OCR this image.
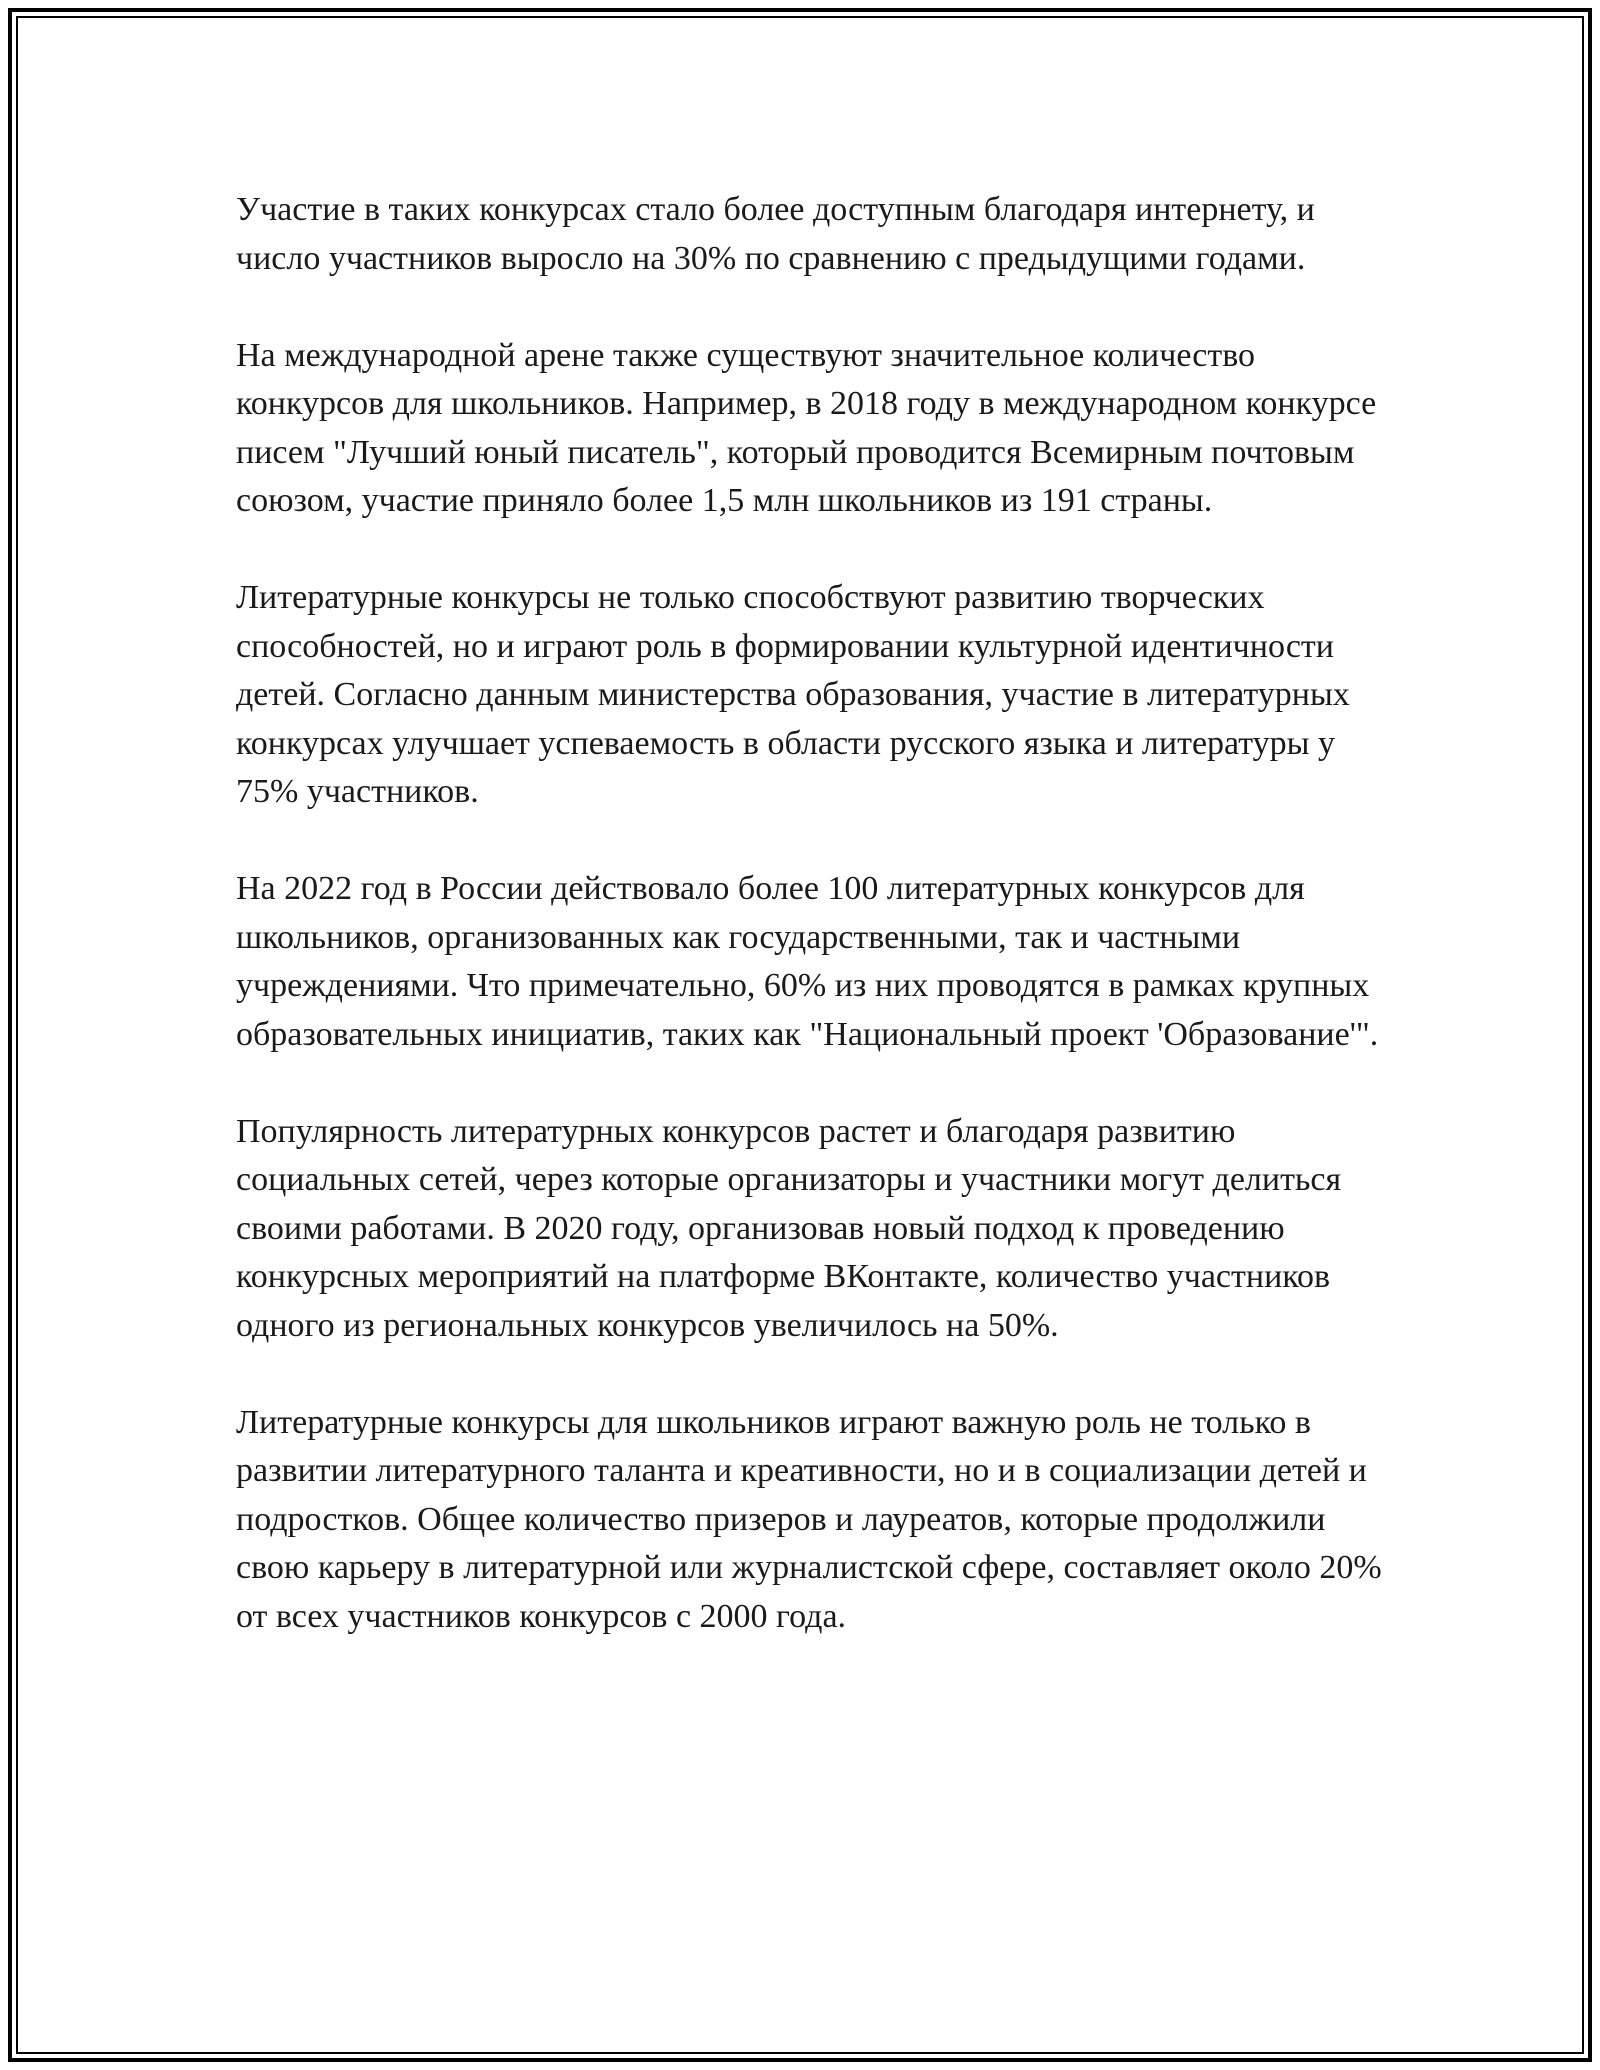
Участие в таких конкурсах стало более доступным благодаря интернету, и число участников выросло на 30% по сравнению с предыдущими годами.

На международной арене также существуют значительное количество конкурсов для школьников. Например, в 2018 году в международном конкурсе писем "Лучший юный писатель", который проводится Всемирным почтовым союзом, участие приняло более 1,5 млн школьников из 191 страны.

Литературные конкурсы не только способствуют развитию творческих способностей, но и играют роль в формировании культурной идентичности детей. Согласно данным министерства образования, участие в литературных конкурсах улучшает успеваемость в области русского языка и литературы у 75% участников.

На 2022 год в России действовало более 100 литературных конкурсов для школьников, организованных как государственными, так и частными учреждениями. Что примечательно, 60% из них проводятся в рамках крупных образовательных инициатив, таких как "Национальный проект 'Образование'".

Популярность литературных конкурсов растет и благодаря развитию социальных сетей, через которые организаторы и участники могут делиться своими работами. В 2020 году, организовав новый подход к проведению конкурсных мероприятий на платформе ВКонтакте, количество участников одного из региональных конкурсов увеличилось на 50%.

Литературные конкурсы для школьников играют важную роль не только в развитии литературного таланта и креативности, но и в социализации детей и подростков. Общее количество призеров и лауреатов, которые продолжили свою карьеру в литературной или журналистской сфере, составляет около 20% от всех участников конкурсов с 2000 года.
